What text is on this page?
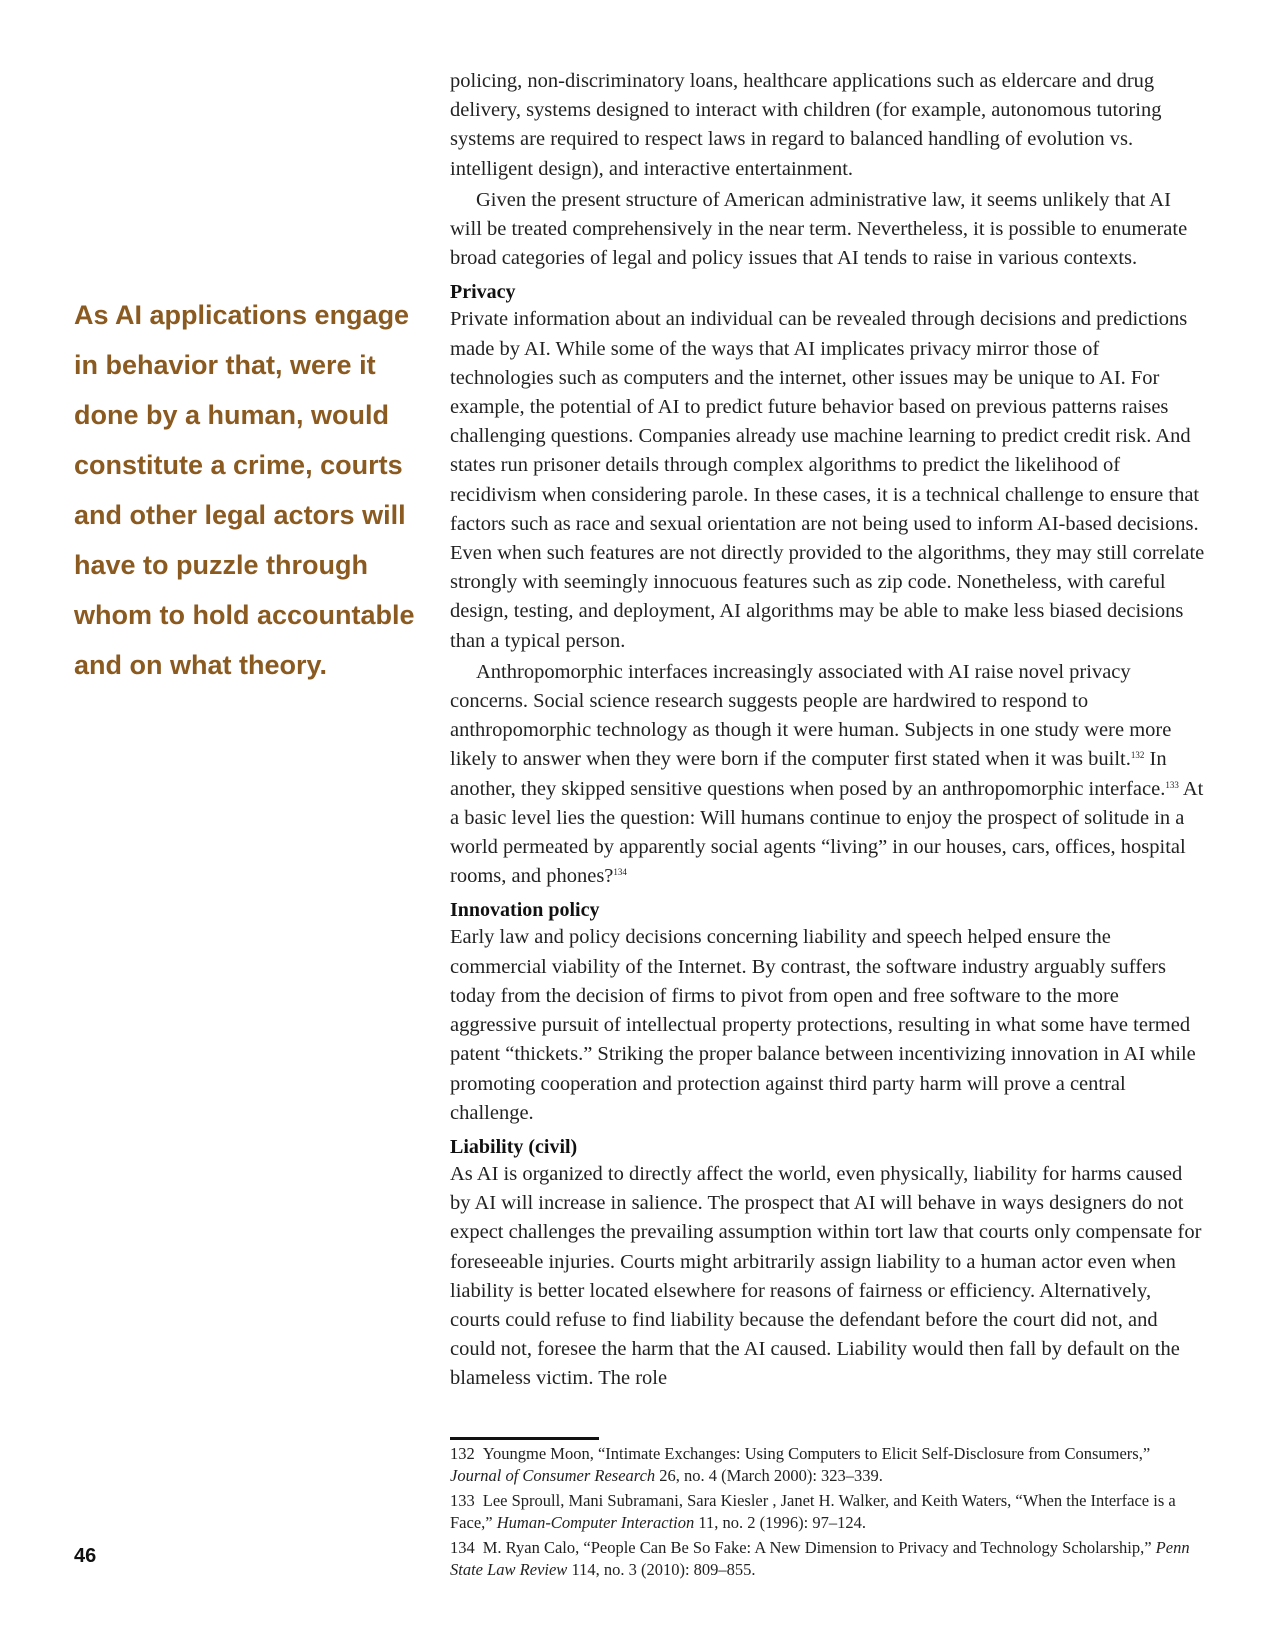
As AI applications engage in behavior that, were it done by a human, would constitute a crime, courts and other legal actors will have to puzzle through whom to hold accountable and on what theory.

policing, non-discriminatory loans, healthcare applications such as eldercare and drug delivery, systems designed to interact with children (for example, autonomous tutoring systems are required to respect laws in regard to balanced handling of evolution vs. intelligent design), and interactive entertainment.

Given the present structure of American administrative law, it seems unlikely that AI will be treated comprehensively in the near term. Nevertheless, it is possible to enumerate broad categories of legal and policy issues that AI tends to raise in various contexts.

Privacy

Private information about an individual can be revealed through decisions and predictions made by AI. While some of the ways that AI implicates privacy mirror those of technologies such as computers and the internet, other issues may be unique to AI. For example, the potential of AI to predict future behavior based on previous patterns raises challenging questions. Companies already use machine learning to predict credit risk. And states run prisoner details through complex algorithms to predict the likelihood of recidivism when considering parole. In these cases, it is a technical challenge to ensure that factors such as race and sexual orientation are not being used to inform AI-based decisions. Even when such features are not directly provided to the algorithms, they may still correlate strongly with seemingly innocuous features such as zip code. Nonetheless, with careful design, testing, and deployment, AI algorithms may be able to make less biased decisions than a typical person.

Anthropomorphic interfaces increasingly associated with AI raise novel privacy concerns. Social science research suggests people are hardwired to respond to anthropomorphic technology as though it were human. Subjects in one study were more likely to answer when they were born if the computer first stated when it was built.$^{132}$ In another, they skipped sensitive questions when posed by an anthropomorphic interface.$^{133}$ At a basic level lies the question: Will humans continue to enjoy the prospect of solitude in a world permeated by apparently social agents “living” in our houses, cars, offices, hospital rooms, and phones?$^{134}$

Innovation policy

Early law and policy decisions concerning liability and speech helped ensure the commercial viability of the Internet. By contrast, the software industry arguably suffers today from the decision of firms to pivot from open and free software to the more aggressive pursuit of intellectual property protections, resulting in what some have termed patent “thickets.” Striking the proper balance between incentivizing innovation in AI while promoting cooperation and protection against third party harm will prove a central challenge.

Liability (civil)

As AI is organized to directly affect the world, even physically, liability for harms caused by AI will increase in salience. The prospect that AI will behave in ways designers do not expect challenges the prevailing assumption within tort law that courts only compensate for foreseeable injuries. Courts might arbitrarily assign liability to a human actor even when liability is better located elsewhere for reasons of fairness or efficiency. Alternatively, courts could refuse to find liability because the defendant before the court did not, and could not, foresee the harm that the AI caused. Liability would then fall by default on the blameless victim. The role

132 Youngme Moon, “Intimate Exchanges: Using Computers to Elicit Self-Disclosure from Consumers,” Journal of Consumer Research 26, no. 4 (March 2000): 323–339.

133 Lee Sproull, Mani Subramani, Sara Kiesler , Janet H. Walker, and Keith Waters, “When the Interface is a Face,” Human-Computer Interaction 11, no. 2 (1996): 97–124.

134 M. Ryan Calo, “People Can Be So Fake: A New Dimension to Privacy and Technology Scholarship,” Penn State Law Review 114, no. 3 (2010): 809–855.

46
